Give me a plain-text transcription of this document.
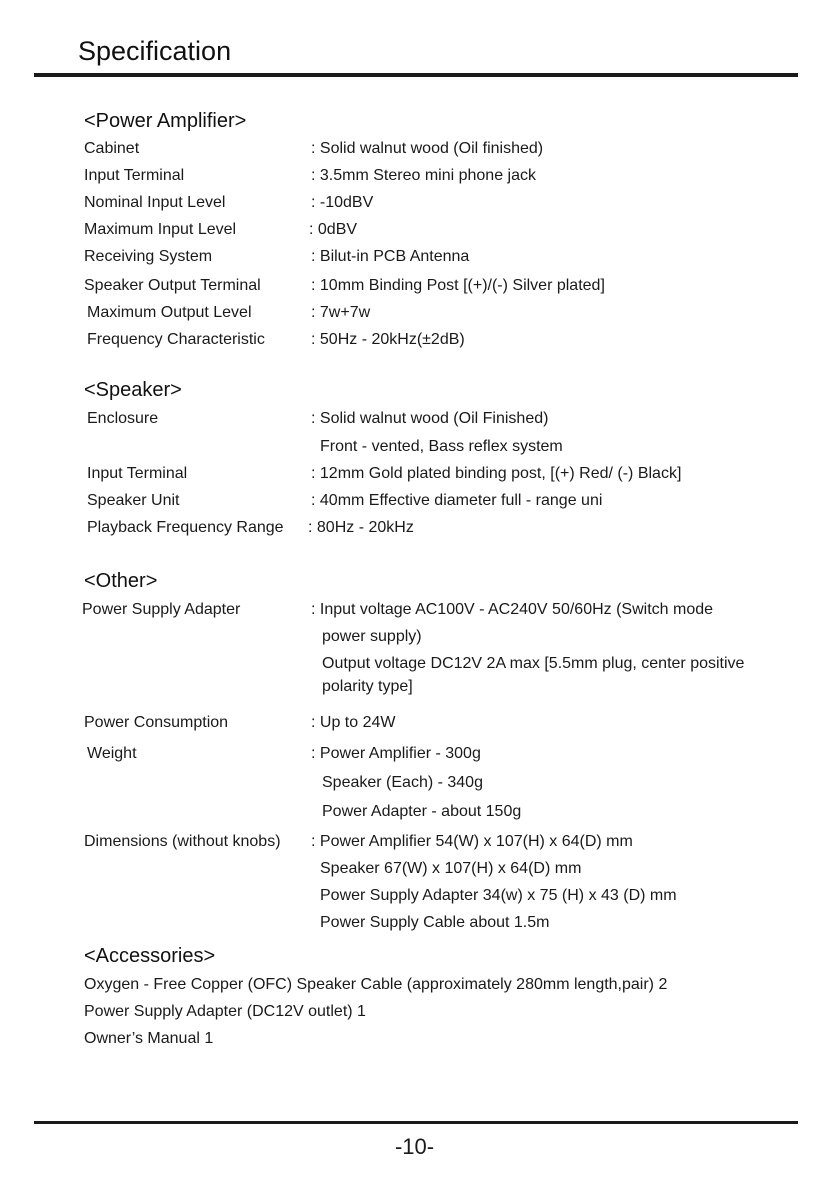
Specification
<Power Amplifier>
Cabinet	: Solid walnut wood (Oil finished)
Input Terminal	: 3.5mm Stereo mini phone jack
Nominal Input Level	: -10dBV
Maximum Input Level	: 0dBV
Receiving System	: Bilut-in PCB Antenna
Speaker Output Terminal	: 10mm Binding Post [(+)/(-) Silver plated]
Maximum Output Level	: 7w+7w
Frequency Characteristic	: 50Hz - 20kHz(±2dB)
<Speaker>
Enclosure	: Solid walnut wood (Oil Finished)
Front - vented, Bass reflex system
Input Terminal	: 12mm Gold plated binding post, [(+) Red/ (-) Black]
Speaker Unit	: 40mm Effective diameter full - range uni
Playback Frequency Range : 80Hz - 20kHz
<Other>
Power Supply Adapter	: Input voltage AC100V - AC240V 50/60Hz (Switch mode
power supply)
Output voltage DC12V 2A max [5.5mm plug, center positive
polarity type]
Power Consumption	: Up to 24W
Weight	: Power Amplifier - 300g
Speaker (Each) - 340g
Power Adapter - about 150g
Dimensions (without knobs) : Power Amplifier 54(W) x 107(H) x 64(D) mm
Speaker 67(W) x 107(H) x 64(D) mm
Power Supply Adapter 34(w) x 75 (H) x 43 (D) mm
Power Supply Cable about 1.5m
<Accessories>
Oxygen - Free Copper (OFC) Speaker Cable (approximately 280mm length,pair) 2
Power Supply Adapter (DC12V outlet) 1
Owner’s Manual 1
-10-
